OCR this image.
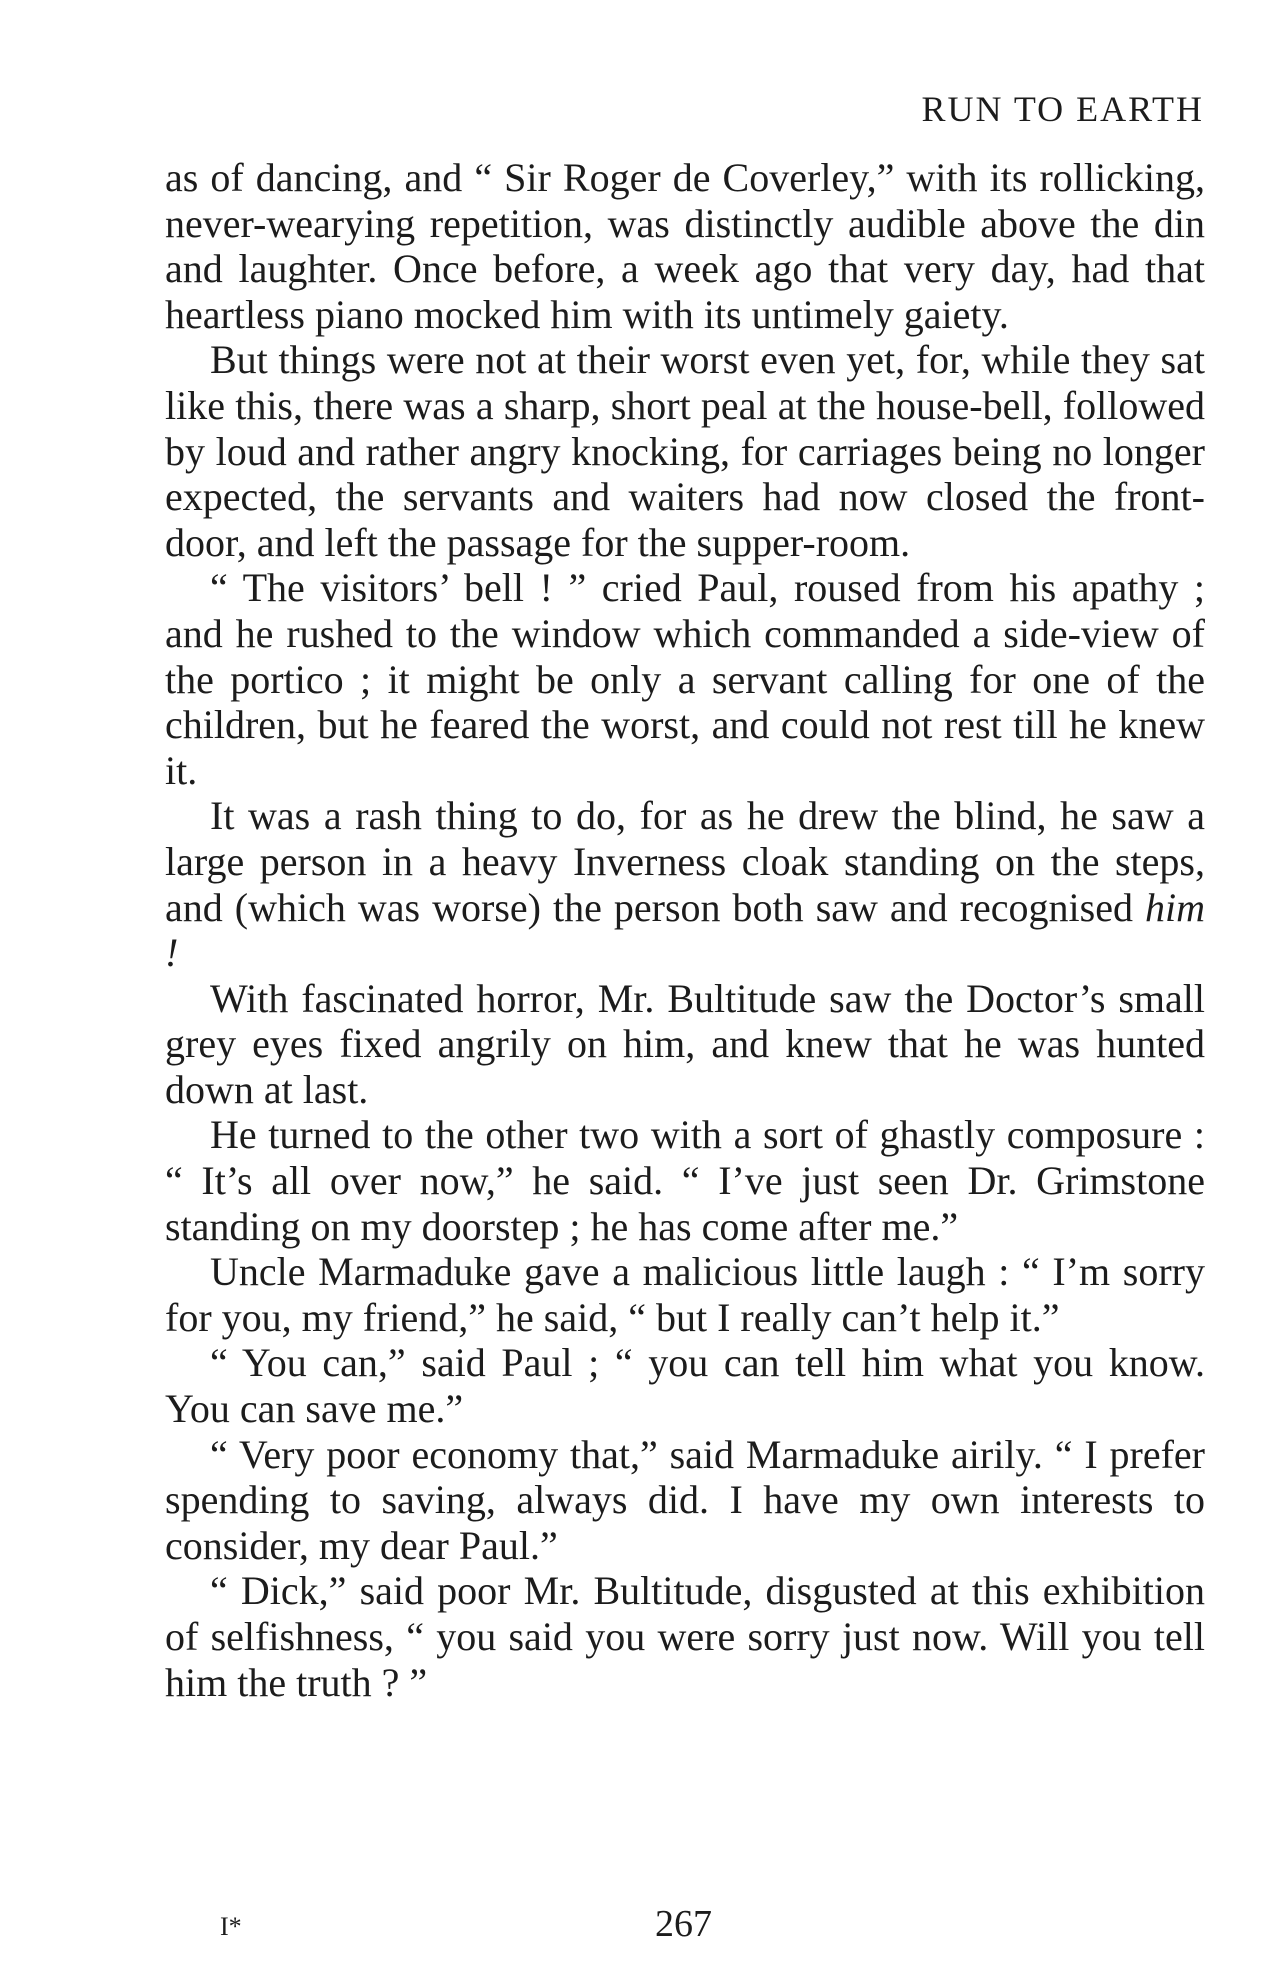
RUN TO EARTH

as of dancing, and “ Sir Roger de Coverley,” with its rollicking, never-wearying repetition, was distinctly audible above the din and laughter. Once before, a week ago that very day, had that heartless piano mocked him with its untimely gaiety.

But things were not at their worst even yet, for, while they sat like this, there was a sharp, short peal at the house-bell, followed by loud and rather angry knocking, for carriages being no longer expected, the servants and waiters had now closed the front-door, and left the passage for the supper-room.

“ The visitors’ bell ! ” cried Paul, roused from his apathy ; and he rushed to the window which commanded a side-view of the portico ; it might be only a servant calling for one of the children, but he feared the worst, and could not rest till he knew it.

It was a rash thing to do, for as he drew the blind, he saw a large person in a heavy Inverness cloak standing on the steps, and (which was worse) the person both saw and recognised him !

With fascinated horror, Mr. Bultitude saw the Doctor’s small grey eyes fixed angrily on him, and knew that he was hunted down at last.

He turned to the other two with a sort of ghastly composure : “ It’s all over now,” he said. “ I’ve just seen Dr. Grimstone standing on my doorstep ; he has come after me.”

Uncle Marmaduke gave a malicious little laugh : “ I’m sorry for you, my friend,” he said, “ but I really can’t help it.”

“ You can,” said Paul ; “ you can tell him what you know. You can save me.”

“ Very poor economy that,” said Marmaduke airily. “ I prefer spending to saving, always did. I have my own interests to consider, my dear Paul.”

“ Dick,” said poor Mr. Bultitude, disgusted at this exhibition of selfishness, “ you said you were sorry just now. Will you tell him the truth ? ”

I*	267
